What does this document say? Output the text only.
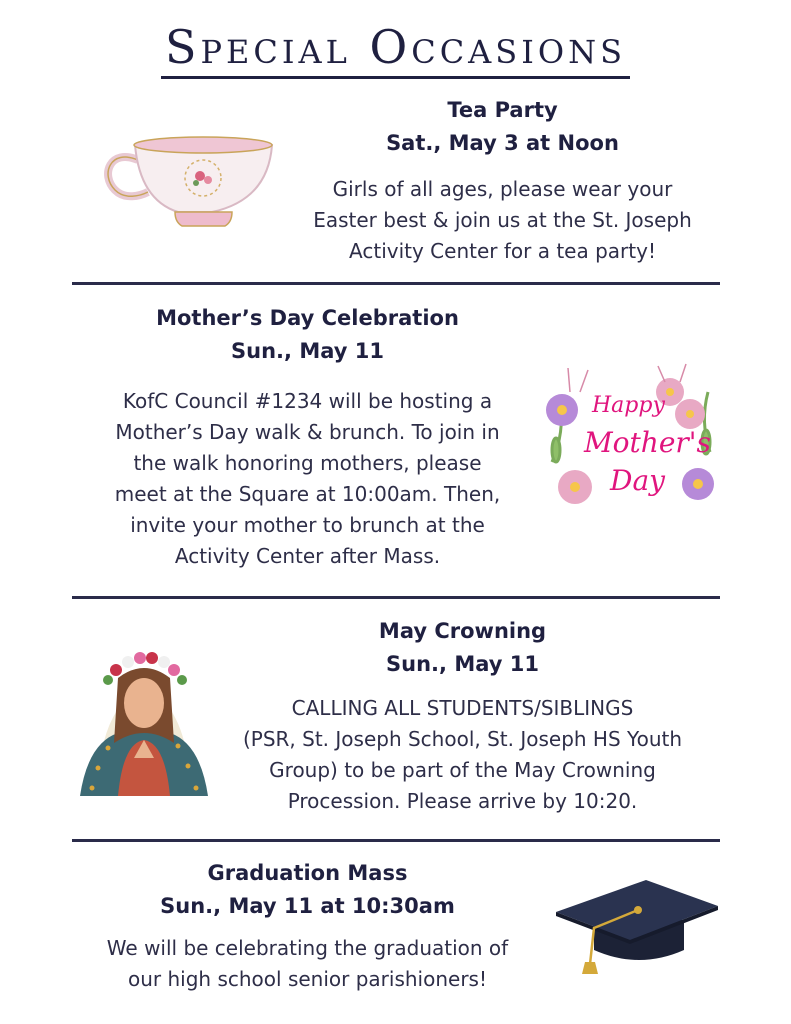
Special Occasions
Tea Party
Sat., May 3 at Noon
Girls of all ages, please wear your
Easter best & join us at the St. Joseph
Activity Center for a tea party!
Mother’s Day Celebration
Sun., May 11
KofC Council #1234 will be hosting a
Mother’s Day walk & brunch. To join in
the walk honoring mothers, please
meet at the Square at 10:00am. Then,
invite your mother to brunch at the
Activity Center after Mass.
Happy
Mother's
Day
May Crowning
Sun., May 11
CALLING ALL STUDENTS/SIBLINGS
(PSR, St. Joseph School, St. Joseph HS Youth
Group) to be part of the May Crowning
Procession. Please arrive by 10:20.
Graduation Mass
Sun., May 11 at 10:30am
We will be celebrating the graduation of
our high school senior parishioners!
